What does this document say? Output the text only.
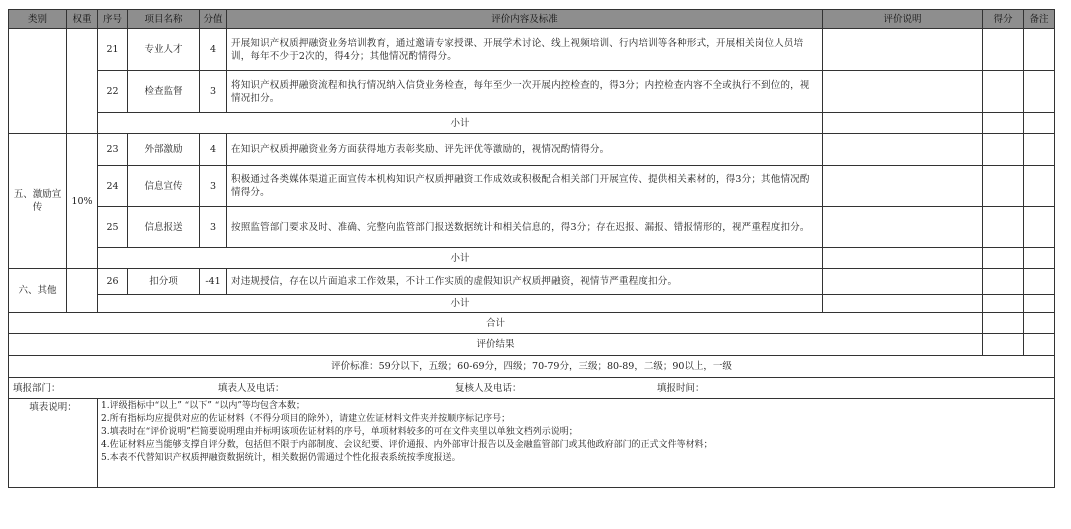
类别	权重	序号	项目名称	分值	评价内容及标准	评价说明	得分	备注
		21	专业人才	4	开展知识产权质押融资业务培训教育，通过邀请专家授课、开展学术讨论、线上视频培训、行内培训等各种形式，开展相关岗位人员培训，每年不少于2次的，得4分；其他情况酌情得分。			
		22	检查监督	3	将知识产权质押融资流程和执行情况纳入信贷业务检查，每年至少一次开展内控检查的，得3分；内控检查内容不全或执行不到位的，视情况扣分。			
		小计						
五、激励宣传	10%	23	外部激励	4	在知识产权质押融资业务方面获得地方表彰奖励、评先评优等激励的，视情况酌情得分。			
		24	信息宣传	3	积极通过各类媒体渠道正面宣传本机构知识产权质押融资工作成效或积极配合相关部门开展宣传、提供相关素材的，得3分；其他情况酌情得分。			
		25	信息报送	3	按照监管部门要求及时、准确、完整向监管部门报送数据统计和相关信息的，得3分；存在迟报、漏报、错报情形的，视严重程度扣分。			
		小计						
六、其他		26	扣分项	-41	对违规授信，存在以片面追求工作效果，不计工作实质的虚假知识产权质押融资，视情节严重程度扣分。			
		小计						
合计								
评价结果								
评价标准：59分以下，五级；60-69分，四级；70-79分，三级；80-89，二级；90以上，一级								

填报部门： 填表人及电话： 复核人及电话： 填报时间：								

填表说明：		1.评级指标中“以上” “以下” “以内”等均包含本数；
2.所有指标均应提供对应的佐证材料（不得分项目的除外），请建立佐证材料文件夹并按顺序标记序号；
3.填表时在“评价说明”栏简要说明理由并标明该项佐证材料的序号，单项材料较多的可在文件夹里以单独文档列示说明；
4.佐证材料应当能够支撑自评分数，包括但不限于内部制度、会议纪要、评价通报、内外部审计报告以及金融监管部门或其他政府部门的正式文件等材料；
5.本表不代替知识产权质押融资数据统计，相关数据仍需通过个性化报表系统按季度报送。						
